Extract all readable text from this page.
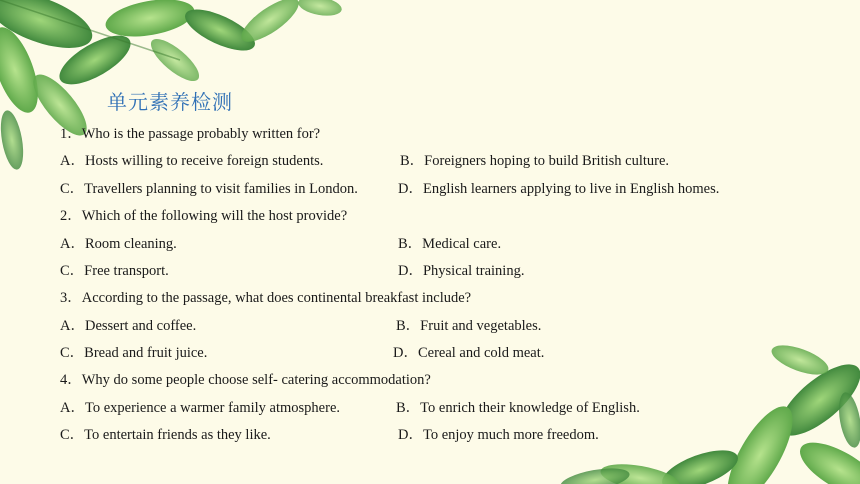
单元素养检测
1．Who is the passage probably written for?
A．Hosts willing to receive foreign students.	B．Foreigners hoping to build British culture.
C．Travellers planning to visit families in London.	D．English learners applying to live in English homes.
2．Which of the following will the host provide?
A．Room cleaning.	B．Medical care.
C．Free transport.	D．Physical training.
3．According to the passage, what does continental breakfast include?
A．Dessert and coffee.	B．Fruit and vegetables.
C．Bread and fruit juice.	D．Cereal and cold meat.
4．Why do some people choose self- catering accommodation?
A．To experience a warmer family atmosphere.	B．To enrich their knowledge of English.
C．To entertain friends as they like.	D．To enjoy much more freedom.
